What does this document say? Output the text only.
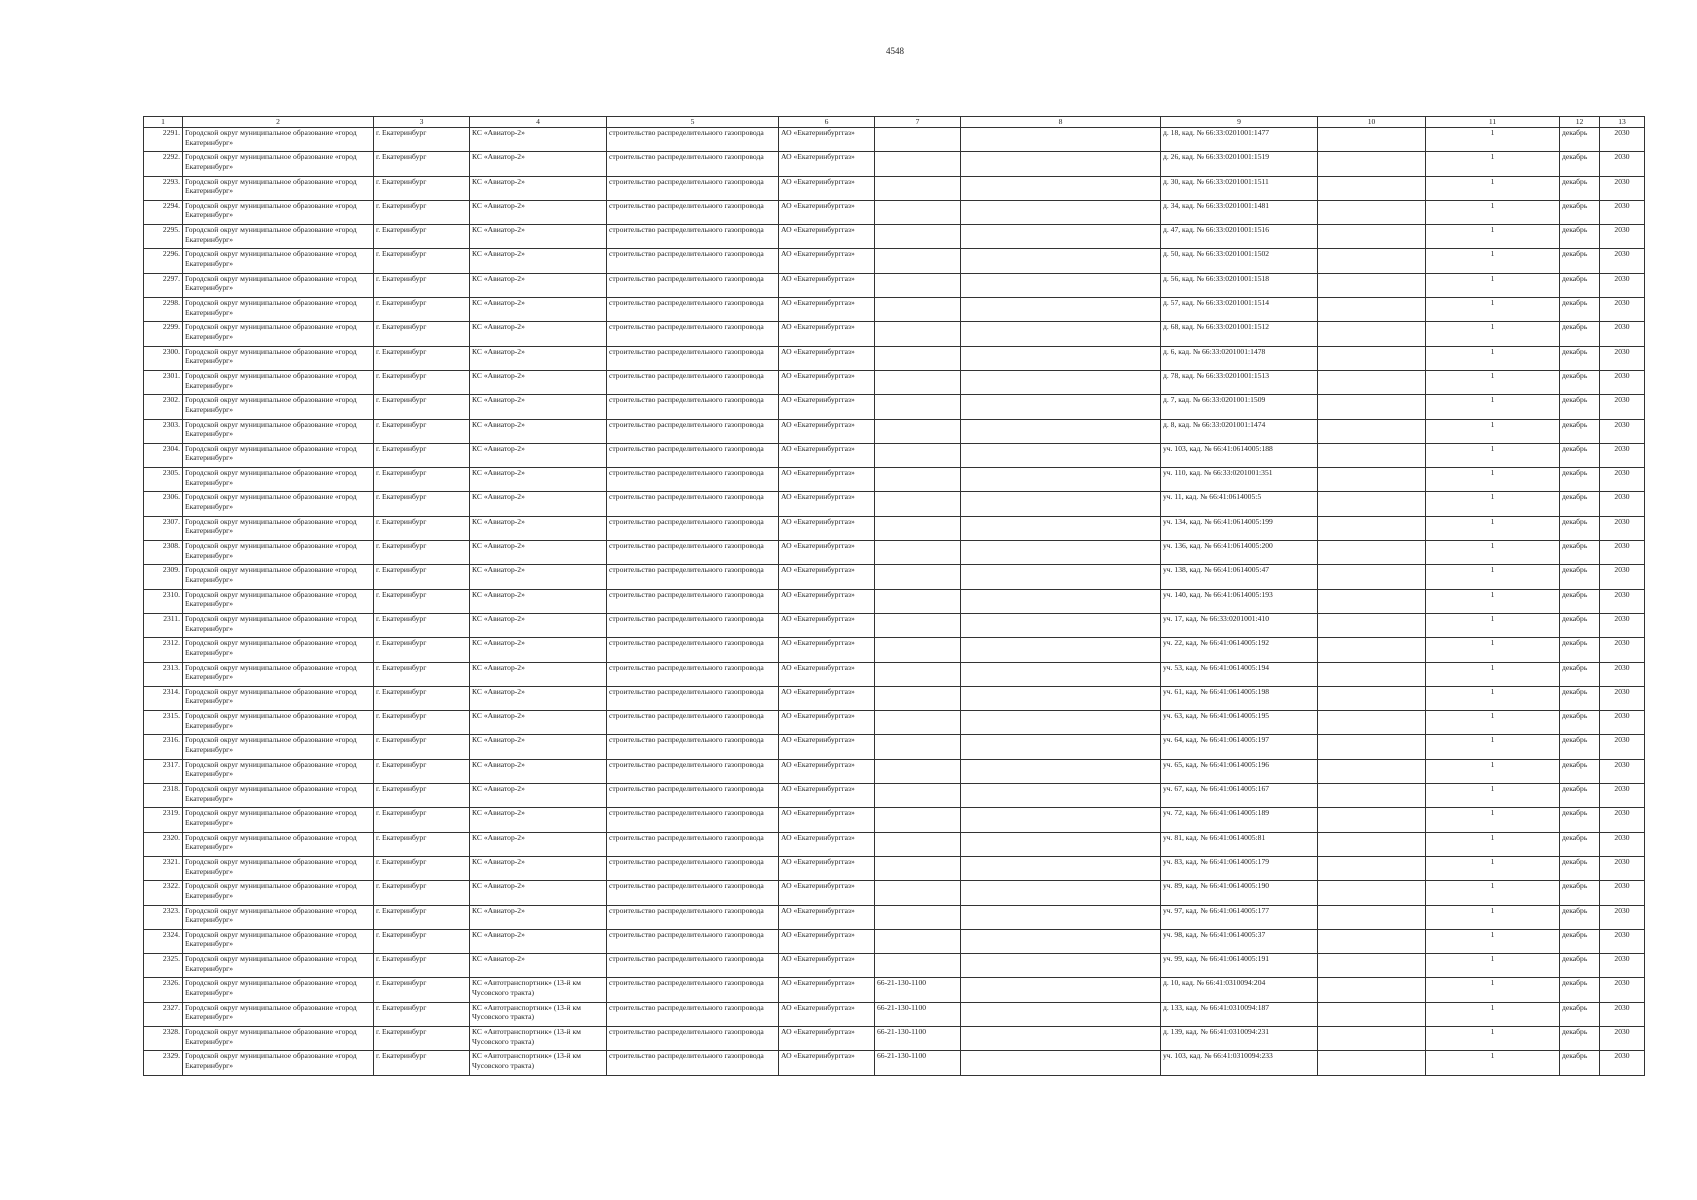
4548
1	2	3	4	5	6	7	8	9	10	11	12	13
2291.	Городской округ муниципальное образование «город Екатеринбург»	г. Екатеринбург	КС «Авиатор-2»	строительство распределительного газопровода	АО «Екатеринбурггаз»			д. 18, кад. № 66:33:0201001:1477		1	декабрь	2030
2292.	Городской округ муниципальное образование «город Екатеринбург»	г. Екатеринбург	КС «Авиатор-2»	строительство распределительного газопровода	АО «Екатеринбурггаз»			д. 26, кад. № 66:33:0201001:1519		1	декабрь	2030
2293.	Городской округ муниципальное образование «город Екатеринбург»	г. Екатеринбург	КС «Авиатор-2»	строительство распределительного газопровода	АО «Екатеринбурггаз»			д. 30, кад. № 66:33:0201001:1511		1	декабрь	2030
2294.	Городской округ муниципальное образование «город Екатеринбург»	г. Екатеринбург	КС «Авиатор-2»	строительство распределительного газопровода	АО «Екатеринбурггаз»			д. 34, кад. № 66:33:0201001:1481		1	декабрь	2030
2295.	Городской округ муниципальное образование «город Екатеринбург»	г. Екатеринбург	КС «Авиатор-2»	строительство распределительного газопровода	АО «Екатеринбурггаз»			д. 47, кад. № 66:33:0201001:1516		1	декабрь	2030
2296.	Городской округ муниципальное образование «город Екатеринбург»	г. Екатеринбург	КС «Авиатор-2»	строительство распределительного газопровода	АО «Екатеринбурггаз»			д. 50, кад. № 66:33:0201001:1502		1	декабрь	2030
2297.	Городской округ муниципальное образование «город Екатеринбург»	г. Екатеринбург	КС «Авиатор-2»	строительство распределительного газопровода	АО «Екатеринбурггаз»			д. 56, кад. № 66:33:0201001:1518		1	декабрь	2030
2298.	Городской округ муниципальное образование «город Екатеринбург»	г. Екатеринбург	КС «Авиатор-2»	строительство распределительного газопровода	АО «Екатеринбурггаз»			д. 57, кад. № 66:33:0201001:1514		1	декабрь	2030
2299.	Городской округ муниципальное образование «город Екатеринбург»	г. Екатеринбург	КС «Авиатор-2»	строительство распределительного газопровода	АО «Екатеринбурггаз»			д. 68, кад. № 66:33:0201001:1512		1	декабрь	2030
2300.	Городской округ муниципальное образование «город Екатеринбург»	г. Екатеринбург	КС «Авиатор-2»	строительство распределительного газопровода	АО «Екатеринбурггаз»			д. 6, кад. № 66:33:0201001:1478		1	декабрь	2030
2301.	Городской округ муниципальное образование «город Екатеринбург»	г. Екатеринбург	КС «Авиатор-2»	строительство распределительного газопровода	АО «Екатеринбурггаз»			д. 78, кад. № 66:33:0201001:1513		1	декабрь	2030
2302.	Городской округ муниципальное образование «город Екатеринбург»	г. Екатеринбург	КС «Авиатор-2»	строительство распределительного газопровода	АО «Екатеринбурггаз»			д. 7, кад. № 66:33:0201001:1509		1	декабрь	2030
2303.	Городской округ муниципальное образование «город Екатеринбург»	г. Екатеринбург	КС «Авиатор-2»	строительство распределительного газопровода	АО «Екатеринбурггаз»			д. 8, кад. № 66:33:0201001:1474		1	декабрь	2030
2304.	Городской округ муниципальное образование «город Екатеринбург»	г. Екатеринбург	КС «Авиатор-2»	строительство распределительного газопровода	АО «Екатеринбурггаз»			уч. 103, кад. № 66:41:0614005:188		1	декабрь	2030
2305.	Городской округ муниципальное образование «город Екатеринбург»	г. Екатеринбург	КС «Авиатор-2»	строительство распределительного газопровода	АО «Екатеринбурггаз»			уч. 110, кад. № 66:33:0201001:351		1	декабрь	2030
2306.	Городской округ муниципальное образование «город Екатеринбург»	г. Екатеринбург	КС «Авиатор-2»	строительство распределительного газопровода	АО «Екатеринбурггаз»			уч. 11, кад. № 66:41:0614005:5		1	декабрь	2030
2307.	Городской округ муниципальное образование «город Екатеринбург»	г. Екатеринбург	КС «Авиатор-2»	строительство распределительного газопровода	АО «Екатеринбурггаз»			уч. 134, кад. № 66:41:0614005:199		1	декабрь	2030
2308.	Городской округ муниципальное образование «город Екатеринбург»	г. Екатеринбург	КС «Авиатор-2»	строительство распределительного газопровода	АО «Екатеринбурггаз»			уч. 136, кад. № 66:41:0614005:200		1	декабрь	2030
2309.	Городской округ муниципальное образование «город Екатеринбург»	г. Екатеринбург	КС «Авиатор-2»	строительство распределительного газопровода	АО «Екатеринбурггаз»			уч. 138, кад. № 66:41:0614005:47		1	декабрь	2030
2310.	Городской округ муниципальное образование «город Екатеринбург»	г. Екатеринбург	КС «Авиатор-2»	строительство распределительного газопровода	АО «Екатеринбурггаз»			уч. 140, кад. № 66:41:0614005:193		1	декабрь	2030
2311.	Городской округ муниципальное образование «город Екатеринбург»	г. Екатеринбург	КС «Авиатор-2»	строительство распределительного газопровода	АО «Екатеринбурггаз»			уч. 17, кад. № 66:33:0201001:410		1	декабрь	2030
2312.	Городской округ муниципальное образование «город Екатеринбург»	г. Екатеринбург	КС «Авиатор-2»	строительство распределительного газопровода	АО «Екатеринбурггаз»			уч. 22, кад. № 66:41:0614005:192		1	декабрь	2030
2313.	Городской округ муниципальное образование «город Екатеринбург»	г. Екатеринбург	КС «Авиатор-2»	строительство распределительного газопровода	АО «Екатеринбурггаз»			уч. 53, кад. № 66:41:0614005:194		1	декабрь	2030
2314.	Городской округ муниципальное образование «город Екатеринбург»	г. Екатеринбург	КС «Авиатор-2»	строительство распределительного газопровода	АО «Екатеринбурггаз»			уч. 61, кад. № 66:41:0614005:198		1	декабрь	2030
2315.	Городской округ муниципальное образование «город Екатеринбург»	г. Екатеринбург	КС «Авиатор-2»	строительство распределительного газопровода	АО «Екатеринбурггаз»			уч. 63, кад. № 66:41:0614005:195		1	декабрь	2030
2316.	Городской округ муниципальное образование «город Екатеринбург»	г. Екатеринбург	КС «Авиатор-2»	строительство распределительного газопровода	АО «Екатеринбурггаз»			уч. 64, кад. № 66:41:0614005:197		1	декабрь	2030
2317.	Городской округ муниципальное образование «город Екатеринбург»	г. Екатеринбург	КС «Авиатор-2»	строительство распределительного газопровода	АО «Екатеринбурггаз»			уч. 65, кад. № 66:41:0614005:196		1	декабрь	2030
2318.	Городской округ муниципальное образование «город Екатеринбург»	г. Екатеринбург	КС «Авиатор-2»	строительство распределительного газопровода	АО «Екатеринбурггаз»			уч. 67, кад. № 66:41:0614005:167		1	декабрь	2030
2319.	Городской округ муниципальное образование «город Екатеринбург»	г. Екатеринбург	КС «Авиатор-2»	строительство распределительного газопровода	АО «Екатеринбурггаз»			уч. 72, кад. № 66:41:0614005:189		1	декабрь	2030
2320.	Городской округ муниципальное образование «город Екатеринбург»	г. Екатеринбург	КС «Авиатор-2»	строительство распределительного газопровода	АО «Екатеринбурггаз»			уч. 81, кад. № 66:41:0614005:81		1	декабрь	2030
2321.	Городской округ муниципальное образование «город Екатеринбург»	г. Екатеринбург	КС «Авиатор-2»	строительство распределительного газопровода	АО «Екатеринбурггаз»			уч. 83, кад. № 66:41:0614005:179		1	декабрь	2030
2322.	Городской округ муниципальное образование «город Екатеринбург»	г. Екатеринбург	КС «Авиатор-2»	строительство распределительного газопровода	АО «Екатеринбурггаз»			уч. 89, кад. № 66:41:0614005:190		1	декабрь	2030
2323.	Городской округ муниципальное образование «город Екатеринбург»	г. Екатеринбург	КС «Авиатор-2»	строительство распределительного газопровода	АО «Екатеринбурггаз»			уч. 97, кад. № 66:41:0614005:177		1	декабрь	2030
2324.	Городской округ муниципальное образование «город Екатеринбург»	г. Екатеринбург	КС «Авиатор-2»	строительство распределительного газопровода	АО «Екатеринбурггаз»			уч. 98, кад. № 66:41:0614005:37		1	декабрь	2030
2325.	Городской округ муниципальное образование «город Екатеринбург»	г. Екатеринбург	КС «Авиатор-2»	строительство распределительного газопровода	АО «Екатеринбурггаз»			уч. 99, кад. № 66:41:0614005:191		1	декабрь	2030
2326.	Городской округ муниципальное образование «город Екатеринбург»	г. Екатеринбург	КС «Автотранспортник» (13-й км Чусовского тракта)	строительство распределительного газопровода	АО «Екатеринбурггаз»	66-21-130-1100		д. 10, кад. № 66:41:0310094:204		1	декабрь	2030
2327.	Городской округ муниципальное образование «город Екатеринбург»	г. Екатеринбург	КС «Автотранспортник» (13-й км Чусовского тракта)	строительство распределительного газопровода	АО «Екатеринбурггаз»	66-21-130-1100		д. 133, кад. № 66:41:0310094:187		1	декабрь	2030
2328.	Городской округ муниципальное образование «город Екатеринбург»	г. Екатеринбург	КС «Автотранспортник» (13-й км Чусовского тракта)	строительство распределительного газопровода	АО «Екатеринбурггаз»	66-21-130-1100		д. 139, кад. № 66:41:0310094:231		1	декабрь	2030
2329.	Городской округ муниципальное образование «город Екатеринбург»	г. Екатеринбург	КС «Автотранспортник» (13-й км Чусовского тракта)	строительство распределительного газопровода	АО «Екатеринбурггаз»	66-21-130-1100		уч. 103, кад. № 66:41:0310094:233		1	декабрь	2030
